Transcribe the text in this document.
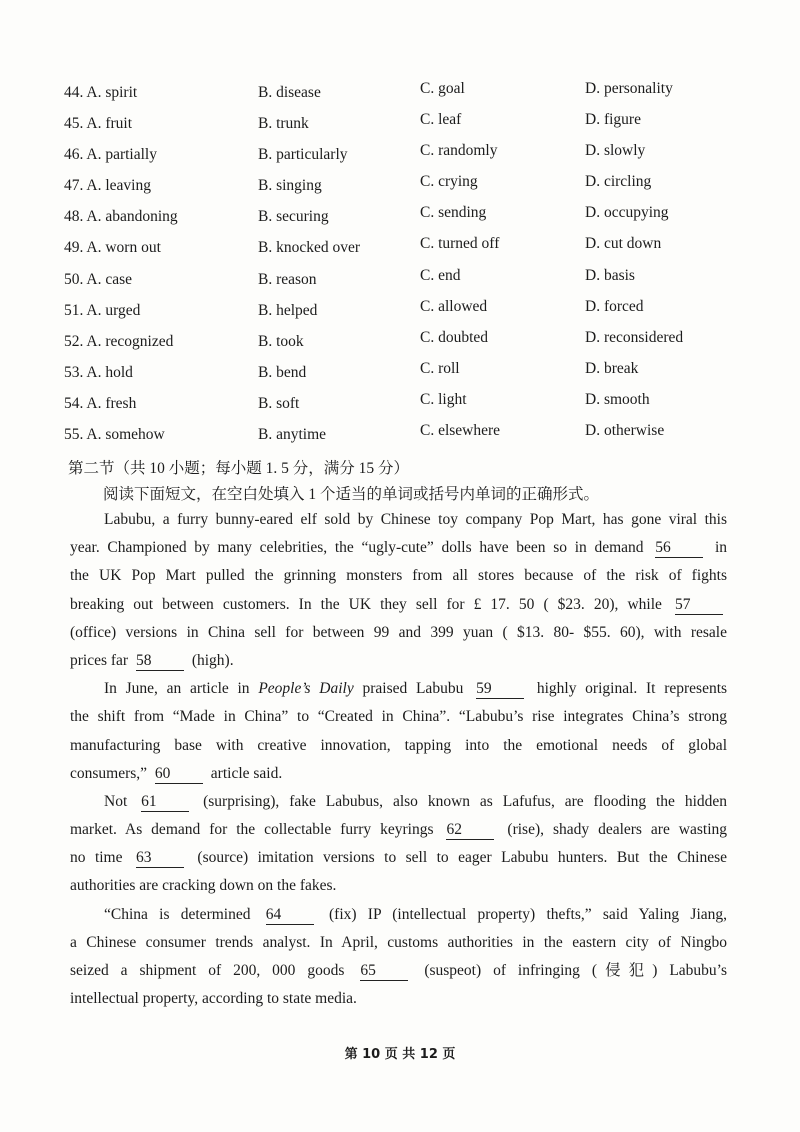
44. A. spirit	B. disease	C. goal	D. personality
45. A. fruit	B. trunk	C. leaf	D. figure
46. A. partially	B. particularly	C. randomly	D. slowly
47. A. leaving	B. singing	C. crying	D. circling
48. A. abandoning	B. securing	C. sending	D. occupying
49. A. worn out	B. knocked over	C. turned off	D. cut down
50. A. case	B. reason	C. end	D. basis
51. A. urged	B. helped	C. allowed	D. forced
52. A. recognized	B. took	C. doubted	D. reconsidered
53. A. hold	B. bend	C. roll	D. break
54. A. fresh	B. soft	C. light	D. smooth
55. A. somehow	B. anytime	C. elsewhere	D. otherwise
第二节（共 10 小题；每小题 1. 5 分，满分 15 分）
阅读下面短文，在空白处填入 1 个适当的单词或括号内单词的正确形式。
Labubu, a furry bunny-eared elf sold by Chinese toy company Pop Mart, has gone viral this
year. Championed by many celebrities, the “ugly-cute” dolls have been so in demand 56	in
the UK Pop Mart pulled the grinning monsters from all stores because of the risk of fights
breaking out between customers. In the UK they sell for £ 17. 50 ( $23. 20), while 57
(office) versions in China sell for between 99 and 399 yuan ( $13. 80- $55. 60), with resale
prices far 58	(high).
In June, an article in People’s Daily praised Labubu 59	highly original. It represents
the shift from “Made in China” to “Created in China”. “Labubu’s rise integrates China’s strong
manufacturing base with creative innovation, tapping into the emotional needs of global
consumers,” 60	article said.
Not 61	(surprising), fake Labubus, also known as Lafufus, are flooding the hidden
market. As demand for the collectable furry keyrings 62	(rise), shady dealers are wasting
no time 63	(source) imitation versions to sell to eager Labubu hunters. But the Chinese
authorities are cracking down on the fakes.
“China is determined 64	(fix) IP (intellectual property) thefts,” said Yaling Jiang,
a Chinese consumer trends analyst. In April, customs authorities in the eastern city of Ningbo
seized a shipment of 200, 000 goods 65	(suspeot) of infringing (侵犯) Labubu’s
intellectual property, according to state media.
第 10 页 共 12 页
